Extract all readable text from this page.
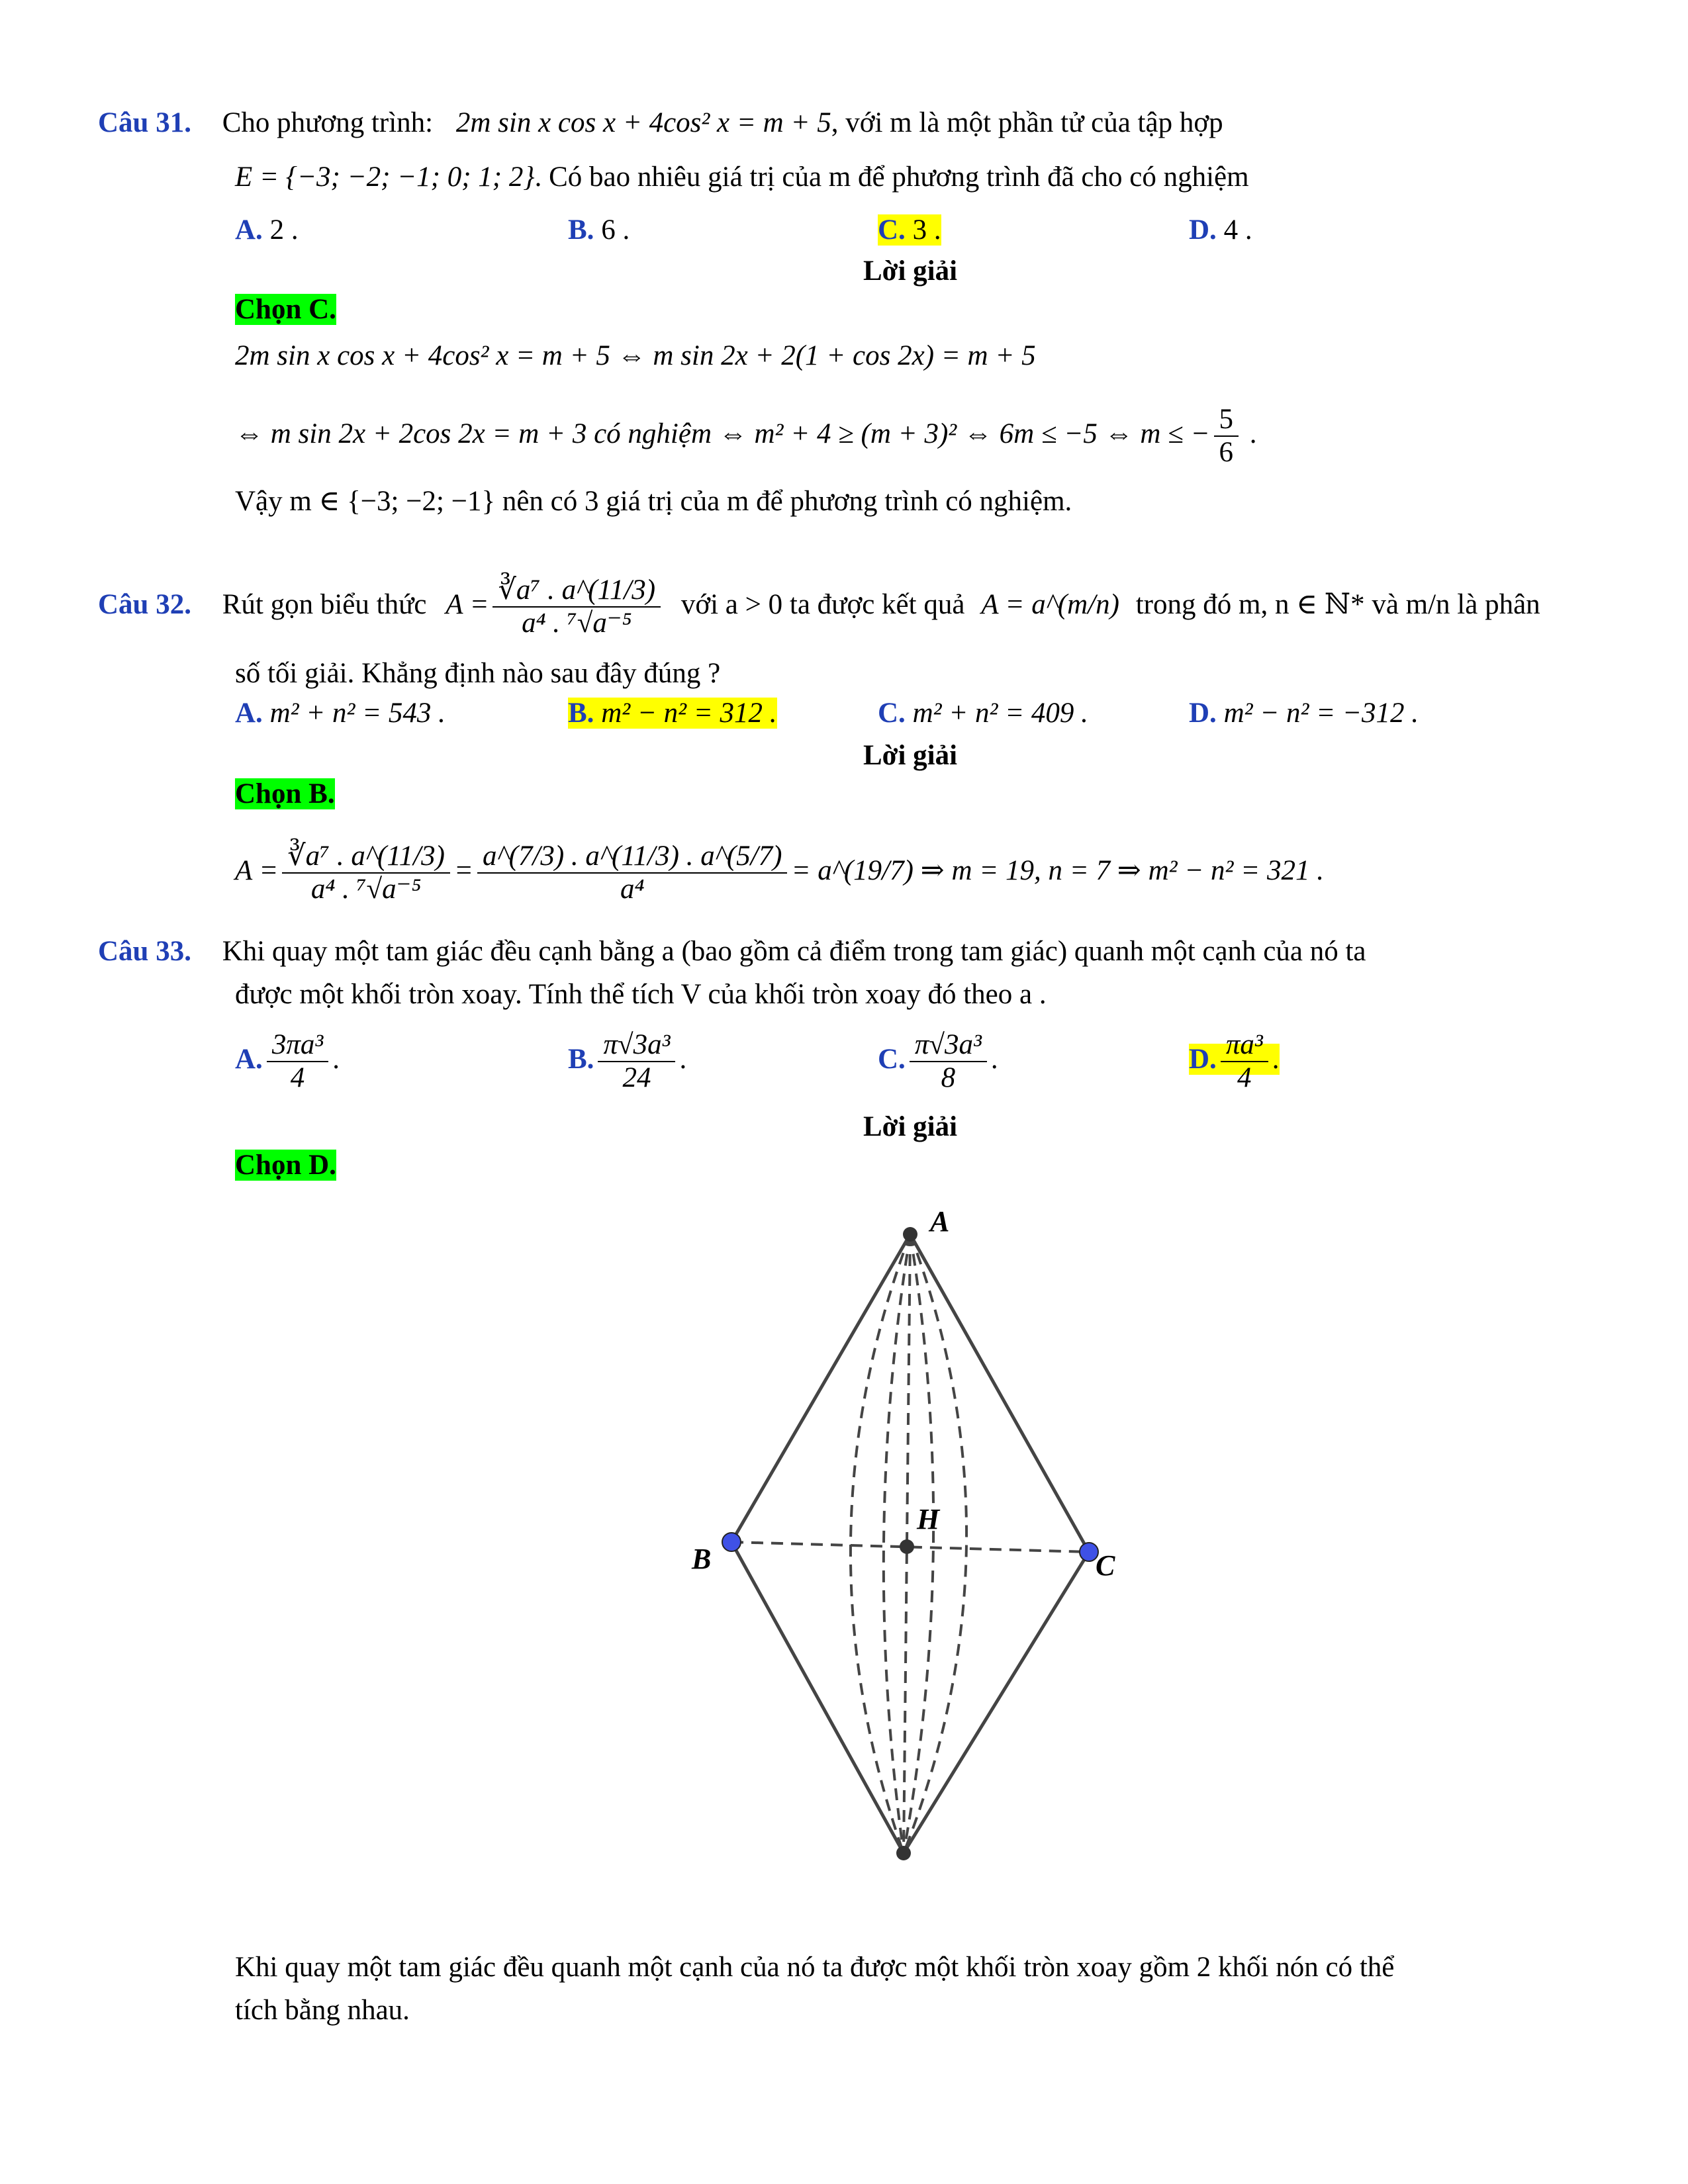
Câu 31. Cho phương trình: 2m sin x cos x + 4cos² x = m + 5, với m là một phần tử của tập hợp
E = {−3; −2; −1; 0; 1; 2}. Có bao nhiêu giá trị của m để phương trình đã cho có nghiệm
A. 2 .	B. 6 .	C. 3 .	D. 4 .
Lời giải
Chọn C.
2m sin x cos x + 4cos² x = m + 5 ⇔ m sin 2x + 2(1 + cos 2x) = m + 5
⇔ m sin 2x + 2cos 2x = m + 3 có nghiệm ⇔ m² + 4 ≥ (m + 3)² ⇔ 6m ≤ −5 ⇔ m ≤ − $\frac{5}{6}$ .
Vậy m ∈ {−3; −2; −1} nên có 3 giá trị của m để phương trình có nghiệm.
Câu 32. Rút gọn biểu thức $A = \frac{\text{∛a⁷ . a\textasciicircum{}(11/3)}}{\text{a⁴ . ⁷√a⁻⁵}}$ với a > 0 ta được kết quả A = a^(m/n) trong đó m, n ∈ ℕ* và m/n là phân
số tối giải. Khẳng định nào sau đây đúng ?
A. m² + n² = 543 .	B. m² − n² = 312 .	C. m² + n² = 409 .	D. m² − n² = −312 .
Lời giải
Chọn B.
$A = \frac{\text{∛a⁷ . a\textasciicircum{}(11/3)}}{\text{a⁴ . ⁷√a⁻⁵}} = \frac{a\^{}(7/3) . a\^{}(11/3) . a\^{}(5/7)}{\text{a⁴}}$ = a^(19/7) ⇒ m = 19, n = 7 ⇒ m² − n² = 321 .
Câu 33. Khi quay một tam giác đều cạnh bằng a (bao gồm cả điểm trong tam giác) quanh một cạnh của nó ta
được một khối tròn xoay. Tính thể tích V của khối tròn xoay đó theo a .
A. $\frac{\text{3πa³}}{4}$ .	B. $\frac{\text{π√3a³}}{24}$ .	C. $\frac{\text{π√3a³}}{8}$ .	D. $\frac{\text{πa³}}{4}$ .
Lời giải
Chọn D.
A
B	C
H
Khi quay một tam giác đều quanh một cạnh của nó ta được một khối tròn xoay gồm 2 khối nón có thể
tích bằng nhau.
